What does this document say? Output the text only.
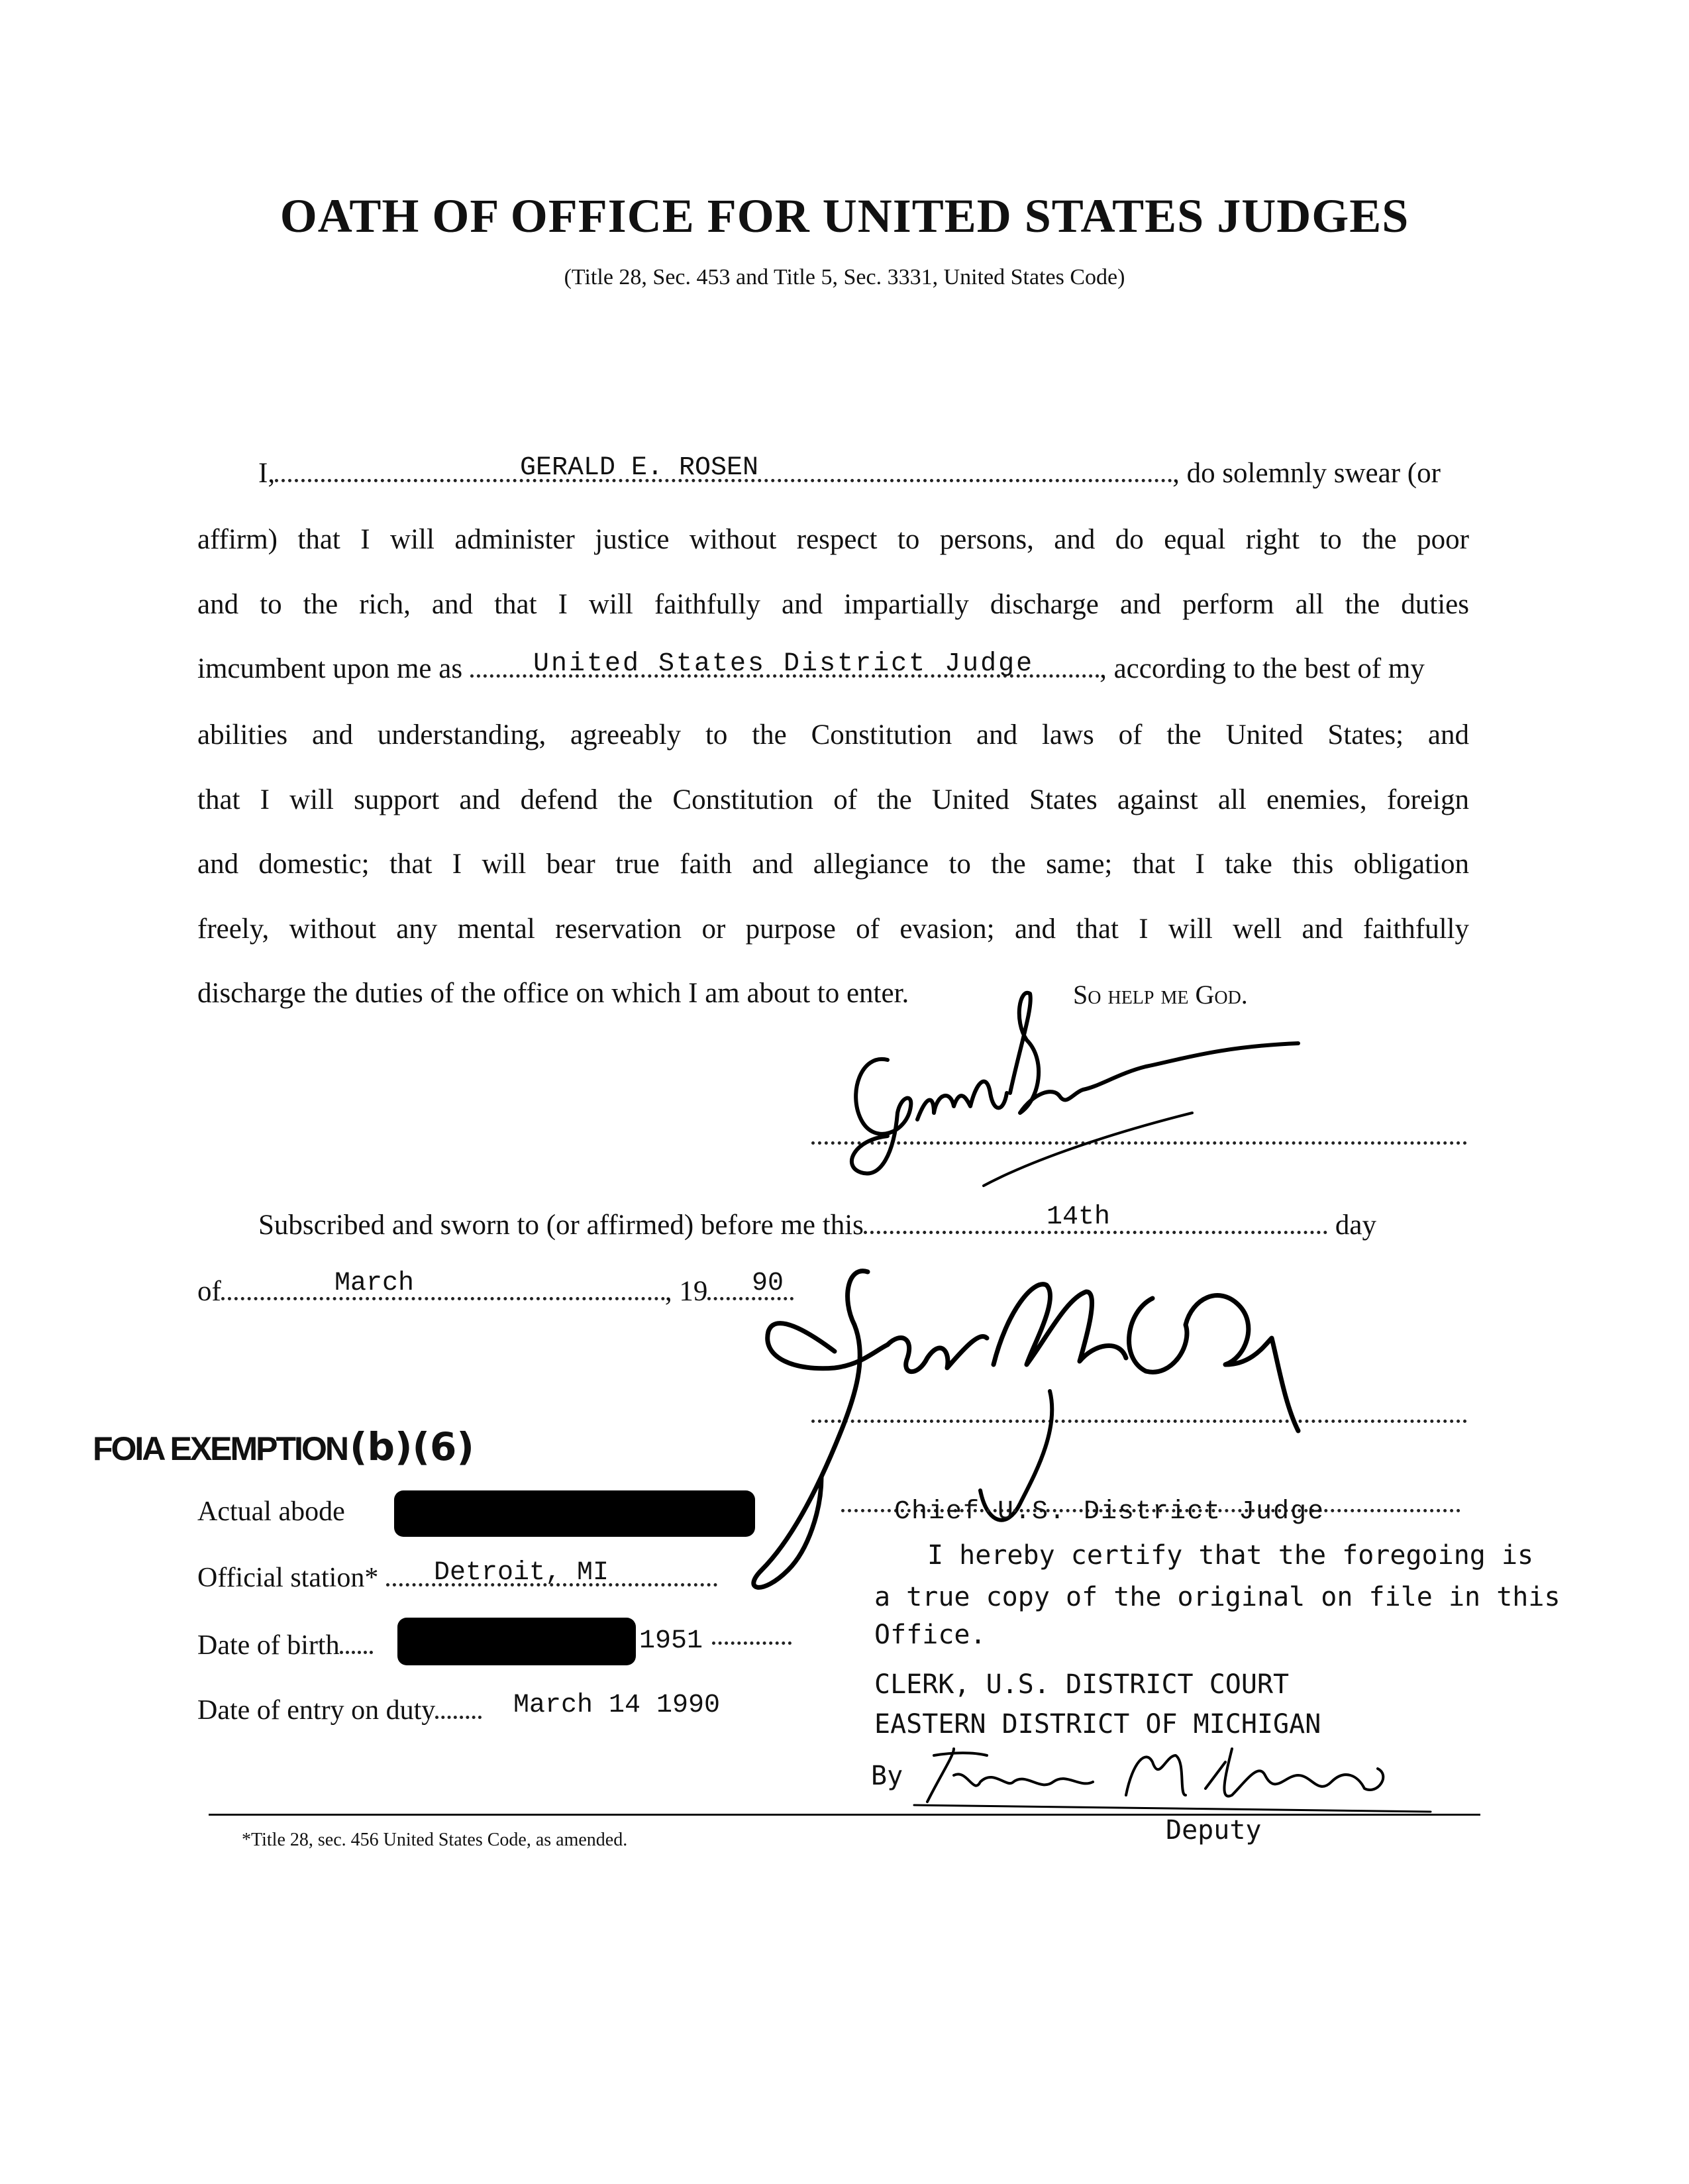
OATH OF OFFICE FOR UNITED STATES JUDGES
(Title 28, Sec. 453 and Title 5, Sec. 3331, United States Code)
I,	, do solemnly swear (or
GERALD E. ROSEN
affirm) that I will administer justice without respect to persons, and do equal right to the poor
and to the rich, and that I will faithfully and impartially discharge and perform all the duties
imcumbent upon me as	, according to the best of my
United States District Judge
abilities and understanding, agreeably to the Constitution and laws of the United States; and
that I will support and defend the Constitution of the United States against all enemies, foreign
and domestic; that I will bear true faith and allegiance to the same; that I take this obligation
freely, without any mental reservation or purpose of evasion; and that I will well and faithfully
discharge the duties of the office on which I am about to enter.	So help me God.
Subscribed and sworn to (or affirmed) before me this	day
14th
of	, 19
March	90
FOIA EXEMPTION (b)(6)
Actual abode
Official station*	Detroit, MI
Date of birth	1951
Date of entry on duty	March 14 1990
Chief U.S. District Judge
I hereby certify that the foregoing is
a true copy of the original on file in this
Office.
CLERK, U.S. DISTRICT COURT
EASTERN DISTRICT OF MICHIGAN
By
Deputy
*Title 28, sec. 456 United States Code, as amended.
